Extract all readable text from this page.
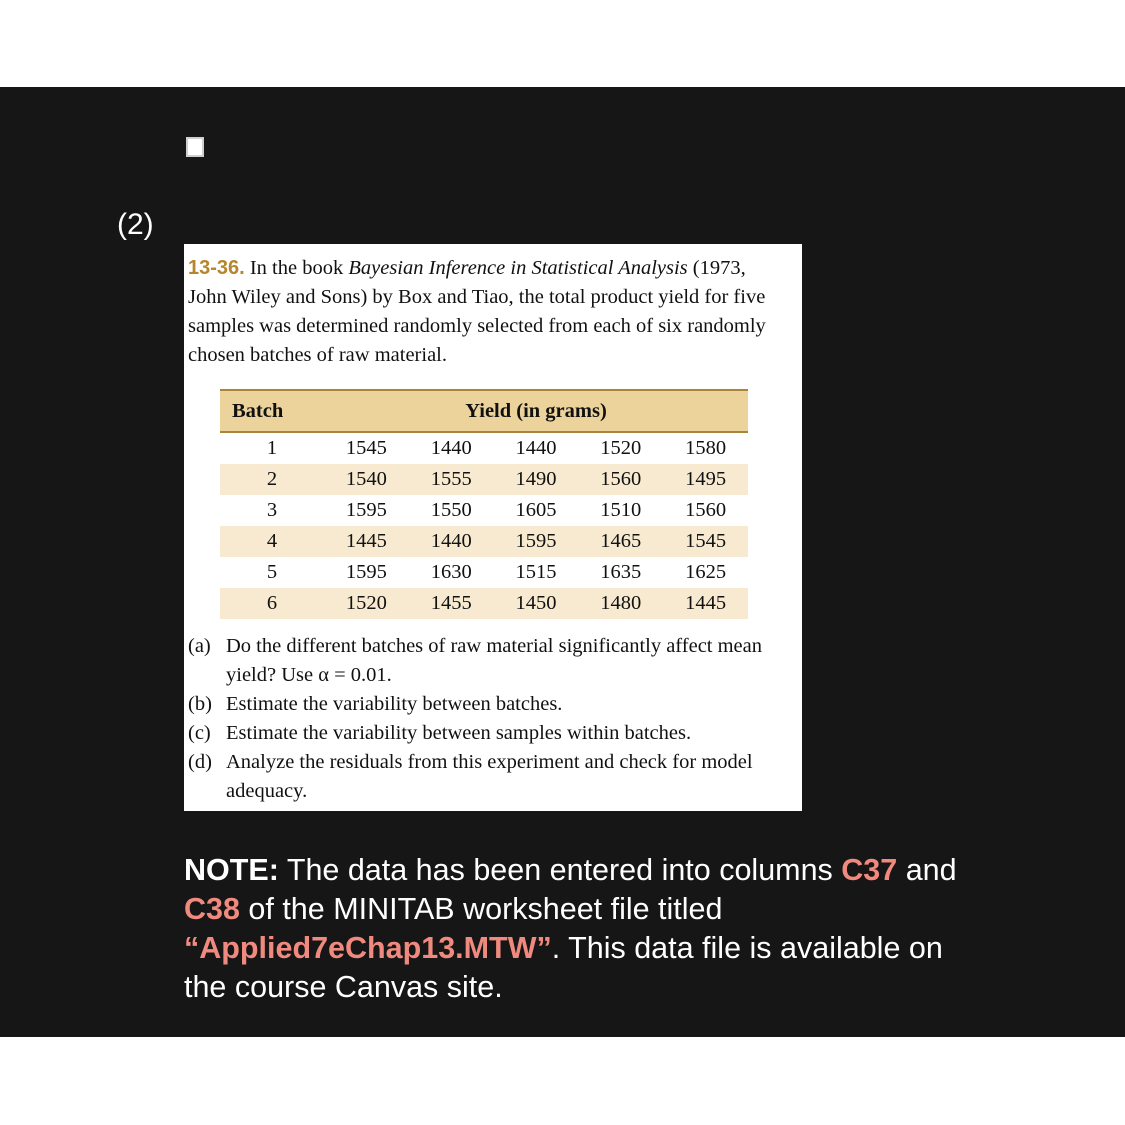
(2)

13-36. In the book Bayesian Inference in Statistical Analysis (1973, John Wiley and Sons) by Box and Tiao, the total product yield for five samples was determined randomly selected from each of six randomly chosen batches of raw material.

Batch	Yield (in grams)				
1	1545	1440	1440	1520	1580
2	1540	1555	1490	1560	1495
3	1595	1550	1605	1510	1560
4	1445	1440	1595	1465	1545
5	1595	1630	1515	1635	1625
6	1520	1455	1450	1480	1445
(a) Do the different batches of raw material significantly affect mean yield? Use α = 0.01.
(b) Estimate the variability between batches.
(c) Estimate the variability between samples within batches.
(d) Analyze the residuals from this experiment and check for model adequacy.
NOTE: The data has been entered into columns C37 and C38 of the MINITAB worksheet file titled “Applied7eChap13.MTW”. This data file is available on the course Canvas site.
